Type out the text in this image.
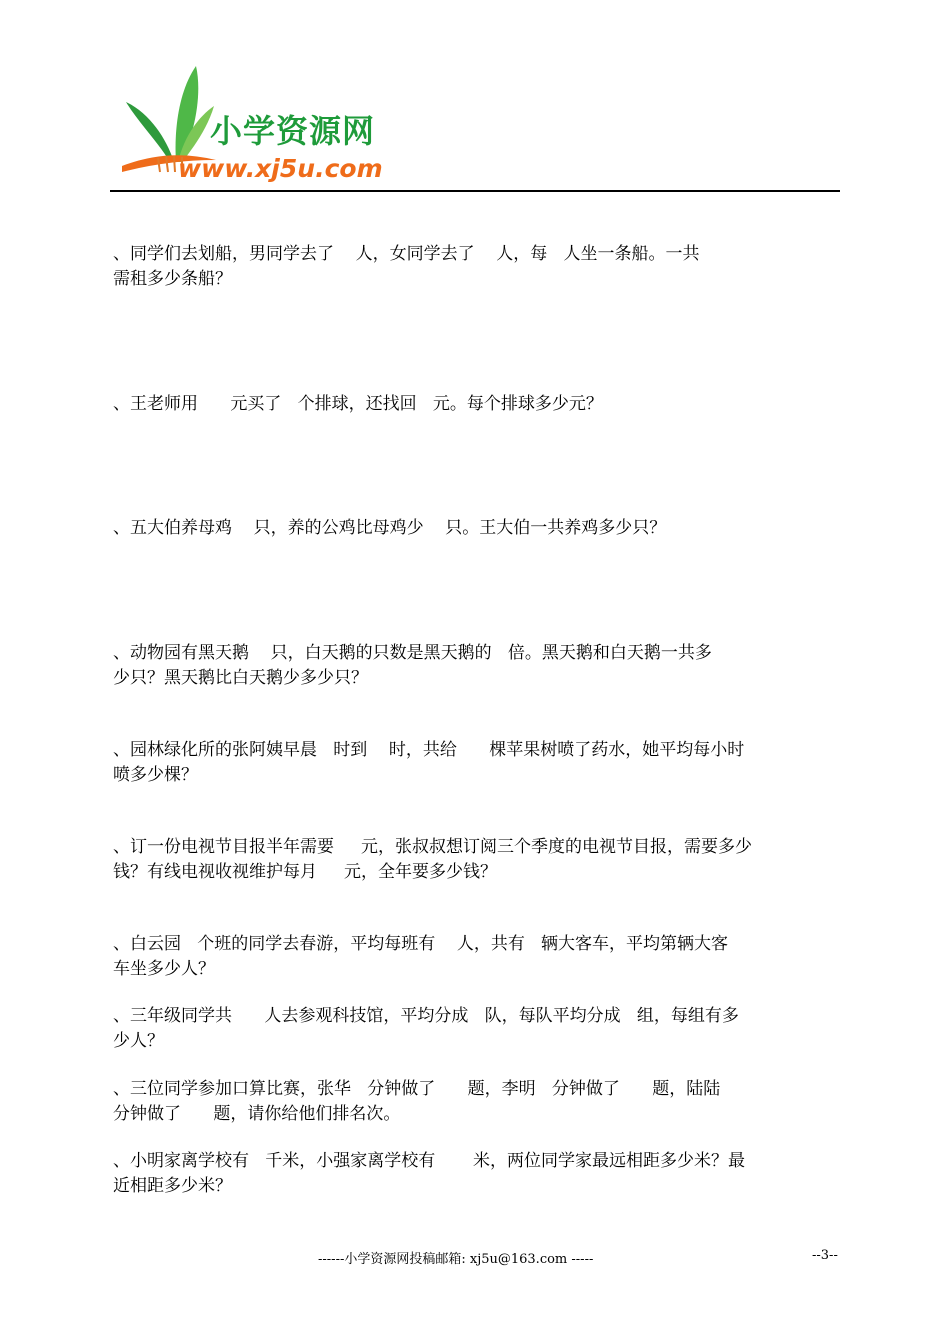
小学资源网
www.xj5u.com
、同学们去划船，男同学去了    人，女同学去了    人，每   人坐一条船。一共
需租多少条船？
、王老师用      元买了   个排球，还找回   元。每个排球多少元？
、五大伯养母鸡    只，养的公鸡比母鸡少    只。王大伯一共养鸡多少只？
、动物园有黑天鹅    只，白天鹅的只数是黑天鹅的   倍。黑天鹅和白天鹅一共多
少只？黑天鹅比白天鹅少多少只？
、园林绿化所的张阿姨早晨   时到    时，共给      棵苹果树喷了药水，她平均每小时
喷多少棵？
、订一份电视节目报半年需要     元，张叔叔想订阅三个季度的电视节目报，需要多少
钱？有线电视收视维护每月     元，全年要多少钱？
、白云园   个班的同学去春游，平均每班有    人，共有   辆大客车，平均第辆大客
车坐多少人？
、三年级同学共      人去参观科技馆，平均分成   队，每队平均分成   组，每组有多
少人？
、三位同学参加口算比赛，张华   分钟做了      题，李明   分钟做了      题，陆陆
分钟做了      题，请你给他们排名次。
、小明家离学校有   千米，小强家离学校有       米，两位同学家最远相距多少米？最
近相距多少米？
------小学资源网投稿邮箱: xj5u@163.com -----	--3--
